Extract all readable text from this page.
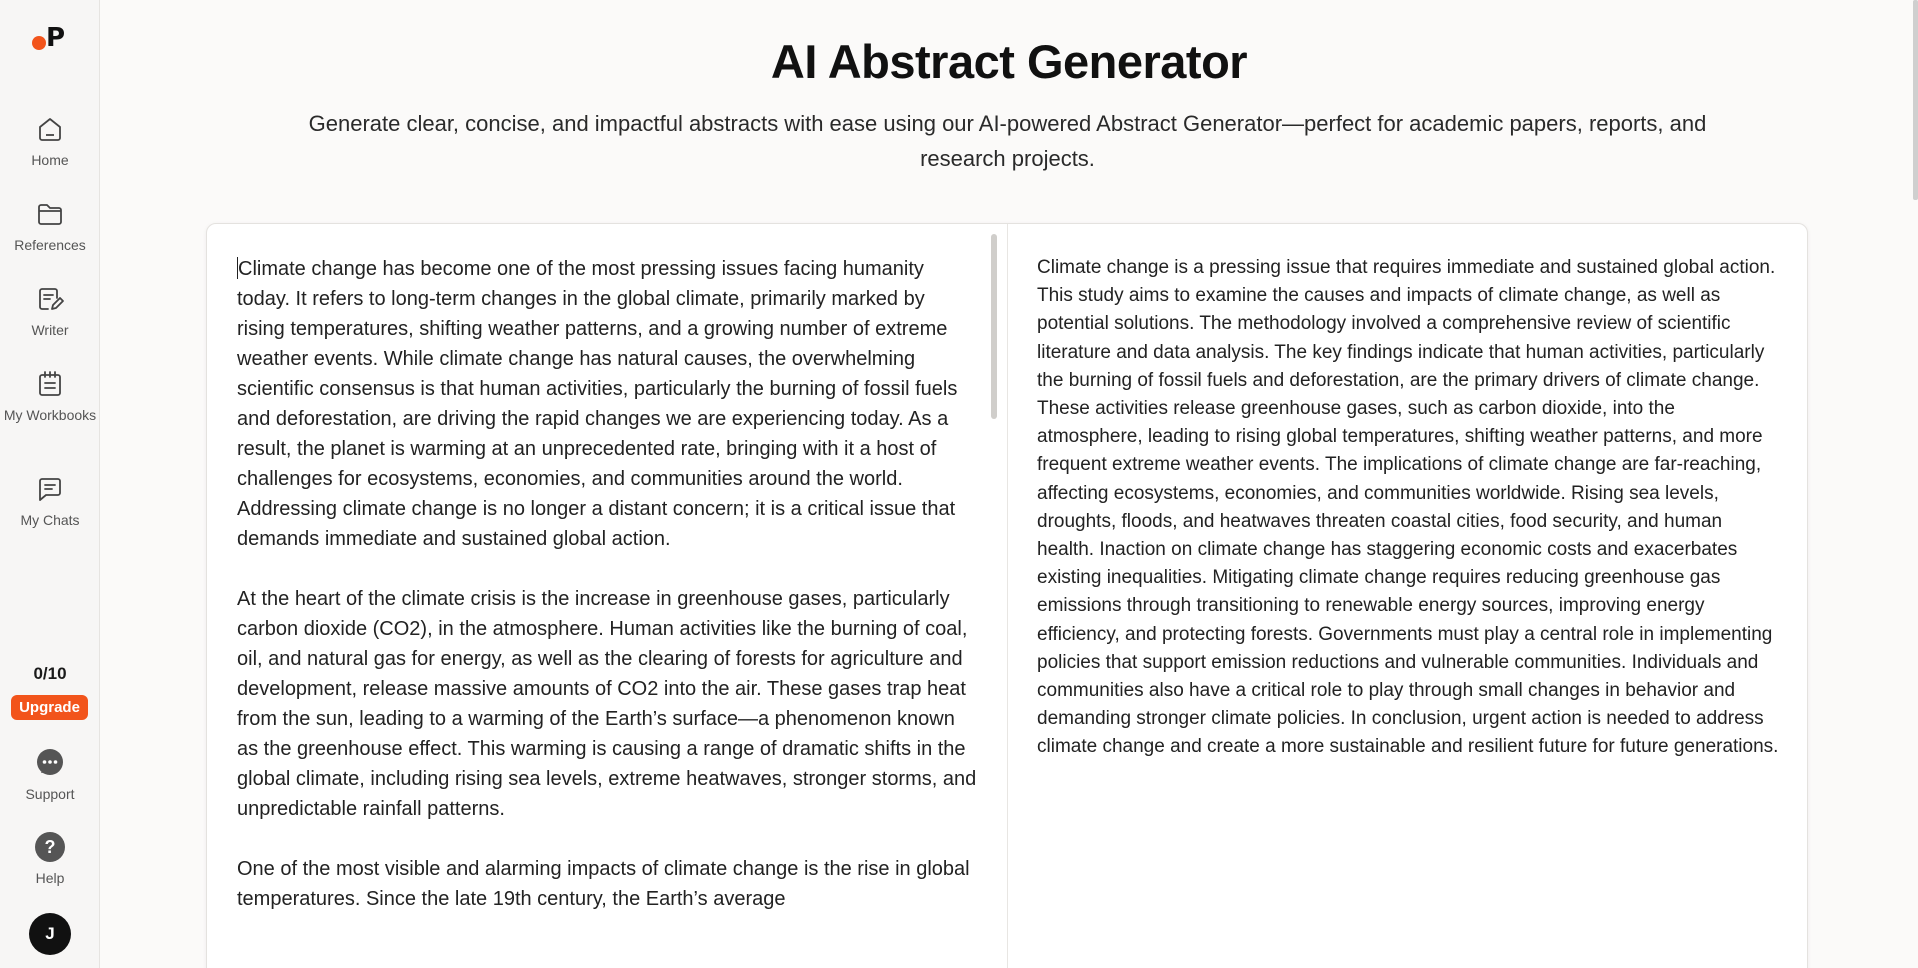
P
Home
References
Writer
My Workbooks
My Chats
0/10
Upgrade
Support
?
Help
J
AI Abstract Generator

Generate clear, concise, and impactful abstracts with ease using our AI-powered Abstract Generator—perfect for academic papers, reports, and research projects.

Climate change has become one of the most pressing issues facing humanity today. It refers to long-term changes in the global climate, primarily marked by rising temperatures, shifting weather patterns, and a growing number of extreme weather events. While climate change has natural causes, the overwhelming scientific consensus is that human activities, particularly the burning of fossil fuels and deforestation, are driving the rapid changes we are experiencing today. As a result, the planet is warming at an unprecedented rate, bringing with it a host of challenges for ecosystems, economies, and communities around the world. Addressing climate change is no longer a distant concern; it is a critical issue that demands immediate and sustained global action.

At the heart of the climate crisis is the increase in greenhouse gases, particularly carbon dioxide (CO2), in the atmosphere. Human activities like the burning of coal, oil, and natural gas for energy, as well as the clearing of forests for agriculture and development, release massive amounts of CO2 into the air. These gases trap heat from the sun, leading to a warming of the Earth’s surface—a phenomenon known as the greenhouse effect. This warming is causing a range of dramatic shifts in the global climate, including rising sea levels, extreme heatwaves, stronger storms, and unpredictable rainfall patterns.

One of the most visible and alarming impacts of climate change is the rise in global temperatures. Since the late 19th century, the Earth’s average

Climate change is a pressing issue that requires immediate and sustained global action. This study aims to examine the causes and impacts of climate change, as well as potential solutions. The methodology involved a comprehensive review of scientific literature and data analysis. The key findings indicate that human activities, particularly the burning of fossil fuels and deforestation, are the primary drivers of climate change. These activities release greenhouse gases, such as carbon dioxide, into the atmosphere, leading to rising global temperatures, shifting weather patterns, and more frequent extreme weather events. The implications of climate change are far-reaching, affecting ecosystems, economies, and communities worldwide. Rising sea levels, droughts, floods, and heatwaves threaten coastal cities, food security, and human health. Inaction on climate change has staggering economic costs and exacerbates existing inequalities. Mitigating climate change requires reducing greenhouse gas emissions through transitioning to renewable energy sources, improving energy efficiency, and protecting forests. Governments must play a central role in implementing policies that support emission reductions and vulnerable communities. Individuals and communities also have a critical role to play through small changes in behavior and demanding stronger climate policies. In conclusion, urgent action is needed to address climate change and create a more sustainable and resilient future for future generations.
